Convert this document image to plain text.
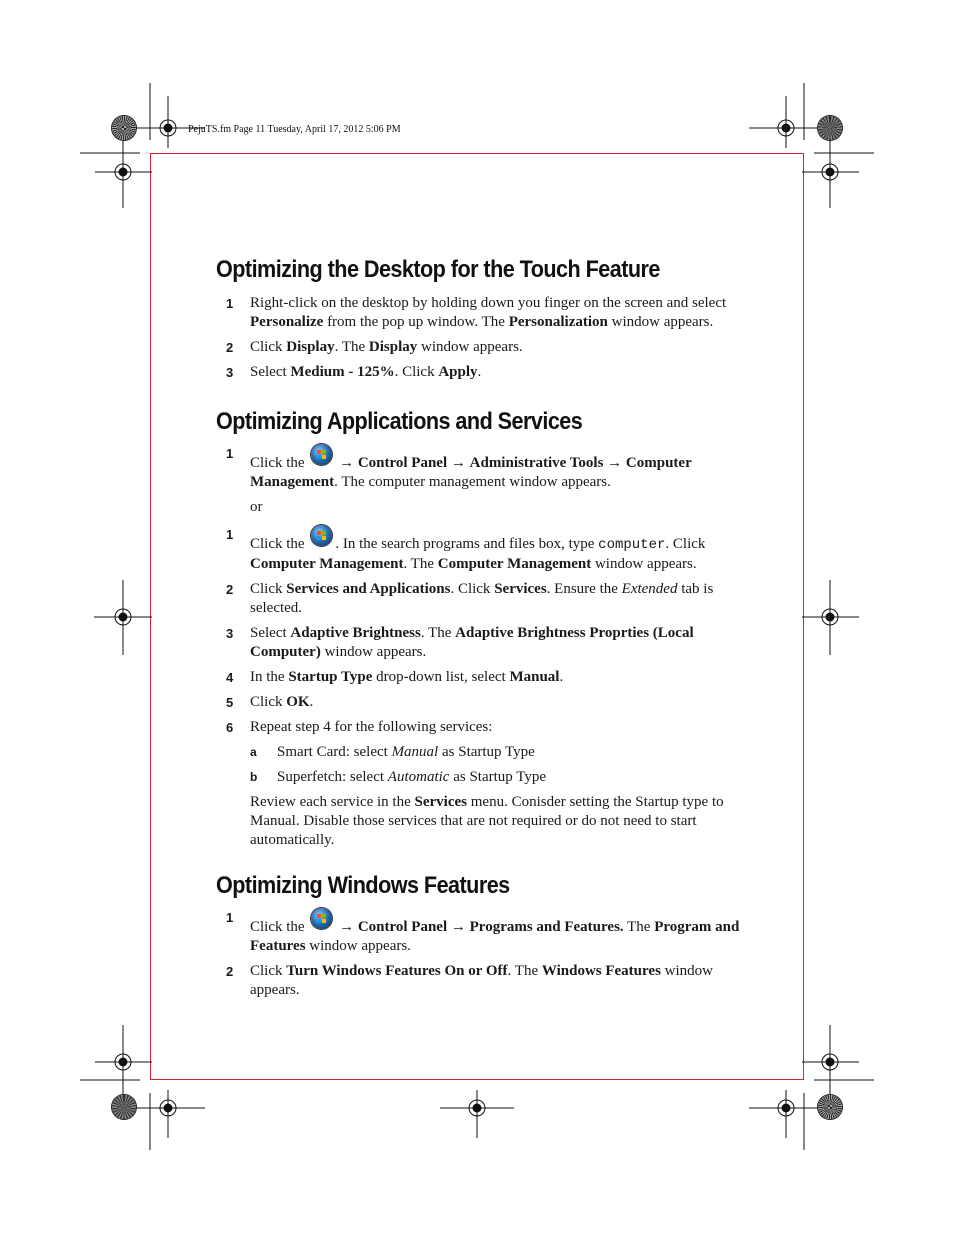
PejuTS.fm Page 11 Tuesday, April 17, 2012 5:06 PM
Optimizing the Desktop for the Touch Feature
1 Right-click on the desktop by holding down you finger on the screen and select Personalize from the pop up window. The Personalization window appears.
2 Click Display. The Display window appears.
3 Select Medium - 125%. Click Apply.
Optimizing Applications and Services
1
Click the
→ Control Panel → Administrative Tools → Computer Management. The computer management window appears.
or
1
Click the . In the search programs and files box, type computer. Click Computer Management. The Computer Management window appears.
2 Click Services and Applications. Click Services. Ensure the Extended tab is selected.
3 Select Adaptive Brightness. The Adaptive Brightness Proprties (Local Computer) window appears.
4 In the Startup Type drop-down list, select Manual.
5 Click OK.
6 Repeat step 4 for the following services:
a Smart Card: select Manual as Startup Type
b Superfetch: select Automatic as Startup Type
Review each service in the Services menu. Conisder setting the Startup type to Manual. Disable those services that are not required or do not need to start automatically.
Optimizing Windows Features
1
Click the
→ Control Panel → Programs and Features. The Program and Features window appears.
2 Click Turn Windows Features On or Off. The Windows Features window appears.
